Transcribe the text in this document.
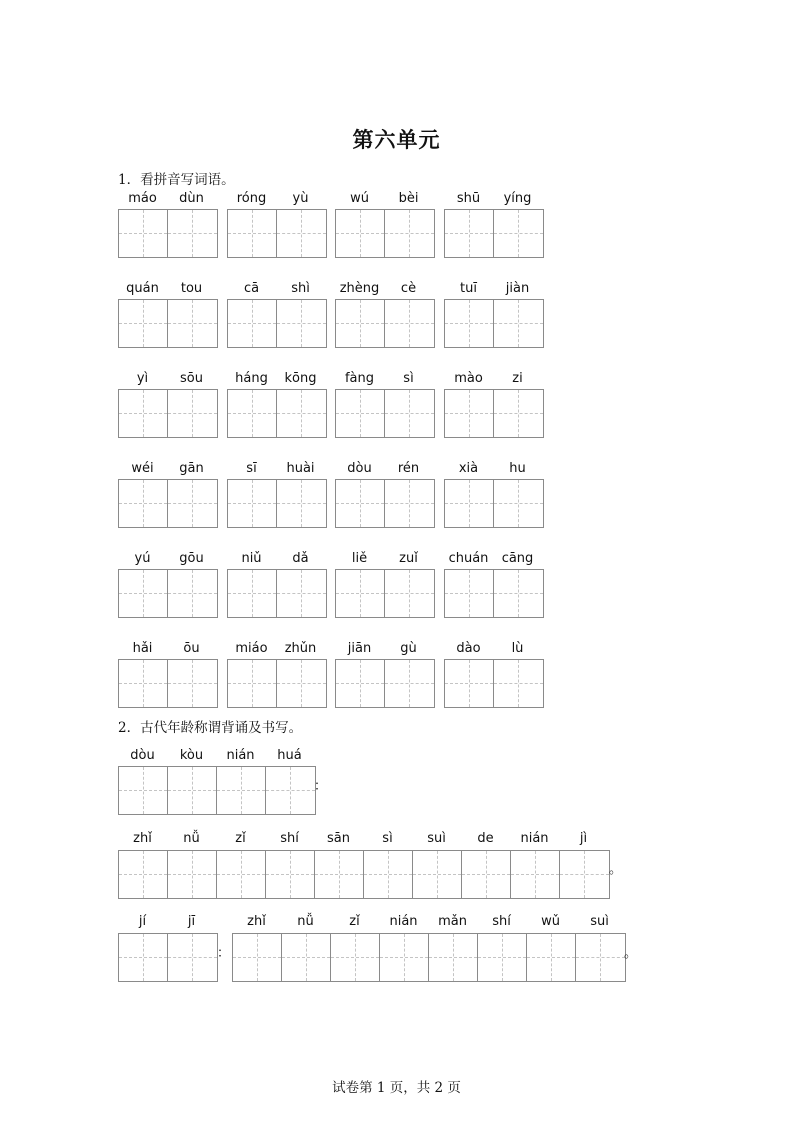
第六单元
1．看拼音写词语。
máo	dùn	róng	yù	wú	bèi	shū	yíng
quán	tou	cā	shì	zhèng	cè	tuī	jiàn
yì	sōu	háng	kōng	fàng	sì	mào	zi
wéi	gān	sī	huài	dòu	rén	xià	hu
yú	gōu	niǔ	dǎ	liě	zuǐ	chuán	cāng
hǎi	ōu	miáo	zhǔn	jiān	gù	dào	lù
2．古代年龄称谓背诵及书写。
dòu	kòu	nián	huá
：
zhǐ	nǚ	zǐ	shí	sān	sì	suì	de	nián	jì
。
jí	jī
：
zhǐ	nǚ	zǐ	nián	mǎn	shí	wǔ	suì
。
试卷第 1 页，共 2 页
